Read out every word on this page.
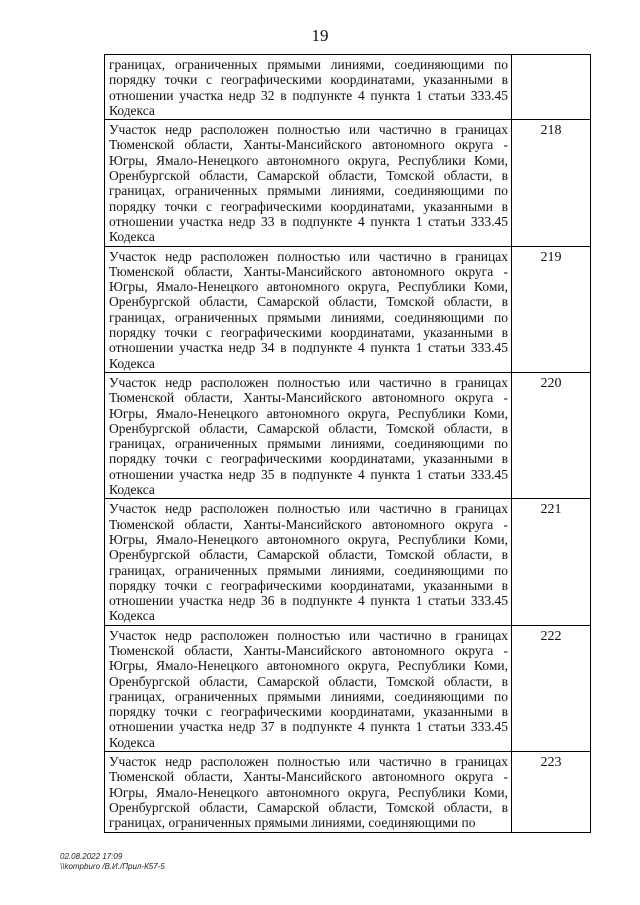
19
границах, ограниченных прямыми линиями, соединяющими по порядку точки с географическими координатами, указанными в отношении участка недр 32 в подпункте 4 пункта 1 статьи 333.45 Кодекса	

Участок недр расположен полностью или частично в границах Тюменской области, Ханты-Мансийского автономного округа - Югры, Ямало-Ненецкого автономного округа, Республики Коми, Оренбургской области, Самарской области, Томской области, в границах, ограниченных прямыми линиями, соединяющими по порядку точки с географическими координатами, указанными в отношении участка недр 33 в подпункте 4 пункта 1 статьи 333.45 Кодекса	218

Участок недр расположен полностью или частично в границах Тюменской области, Ханты-Мансийского автономного округа - Югры, Ямало-Ненецкого автономного округа, Республики Коми, Оренбургской области, Самарской области, Томской области, в границах, ограниченных прямыми линиями, соединяющими по порядку точки с географическими координатами, указанными в отношении участка недр 34 в подпункте 4 пункта 1 статьи 333.45 Кодекса	219

Участок недр расположен полностью или частично в границах Тюменской области, Ханты-Мансийского автономного округа - Югры, Ямало-Ненецкого автономного округа, Республики Коми, Оренбургской области, Самарской области, Томской области, в границах, ограниченных прямыми линиями, соединяющими по порядку точки с географическими координатами, указанными в отношении участка недр 35 в подпункте 4 пункта 1 статьи 333.45 Кодекса	220

Участок недр расположен полностью или частично в границах Тюменской области, Ханты-Мансийского автономного округа - Югры, Ямало-Ненецкого автономного округа, Республики Коми, Оренбургской области, Самарской области, Томской области, в границах, ограниченных прямыми линиями, соединяющими по порядку точки с географическими координатами, указанными в отношении участка недр 36 в подпункте 4 пункта 1 статьи 333.45 Кодекса	221

Участок недр расположен полностью или частично в границах Тюменской области, Ханты-Мансийского автономного округа - Югры, Ямало-Ненецкого автономного округа, Республики Коми, Оренбургской области, Самарской области, Томской области, в границах, ограниченных прямыми линиями, соединяющими по порядку точки с географическими координатами, указанными в отношении участка недр 37 в подпункте 4 пункта 1 статьи 333.45 Кодекса	222

Участок недр расположен полностью или частично в границах Тюменской области, Ханты-Мансийского автономного округа - Югры, Ямало-Ненецкого автономного округа, Республики Коми, Оренбургской области, Самарской области, Томской области, в границах, ограниченных прямыми линиями, соединяющими по	223
02.08.2022 17:09
\\kompburo /В.И./Прил-К57-5
